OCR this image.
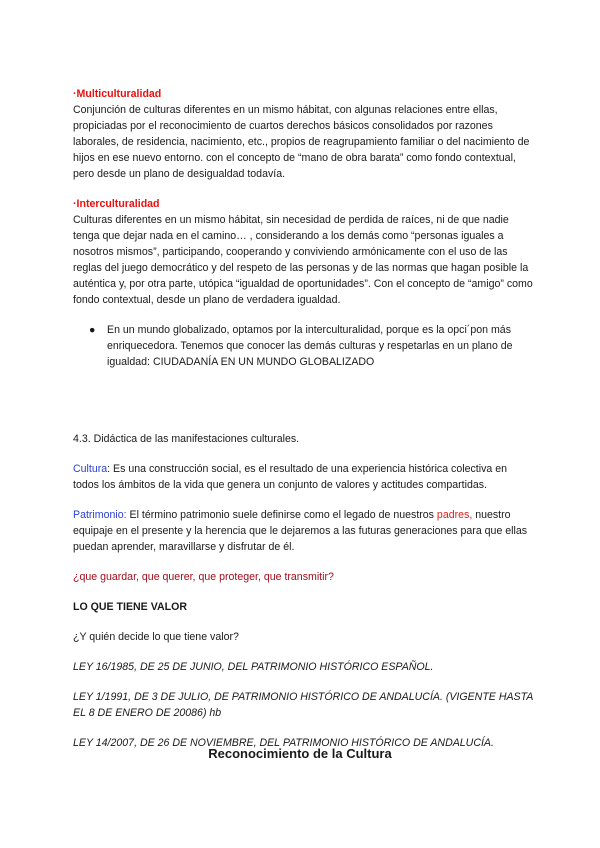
·Multiculturalidad

Conjunción de culturas diferentes en un mismo hábitat, con algunas relaciones entre ellas, propiciadas por el reconocimiento de cuartos derechos básicos consolidados por razones laborales, de residencia, nacimiento, etc., propios de reagrupamiento familiar o del nacimiento de hijos en ese nuevo entorno. con el concepto de “mano de obra barata” como fondo contextual, pero desde un plano de desigualdad todavía.

·Interculturalidad

Culturas diferentes en un mismo hábitat, sin necesidad de perdida de raíces, ni de que nadie tenga que dejar nada en el camino… , considerando a los demás como “personas iguales a nosotros mismos”, participando, cooperando y conviviendo armónicamente con el uso de las reglas del juego democrático y del respeto de las personas y de las normas que hagan posible la auténtica y, por otra parte, utópica “igualdad de oportunidades”. Con el concepto de “amigo” como fondo contextual, desde un plano de verdadera igualdad.

● En un mundo globalizado, optamos por la interculturalidad, porque es la opci´pon más enriquecedora. Tenemos que conocer las demás culturas y respetarlas en un plano de igualdad: CIUDADANÍA EN UN MUNDO GLOBALIZADO

4.3. Didáctica de las manifestaciones culturales.

Cultura: Es una construcción social, es el resultado de una experiencia histórica colectiva en todos los ámbitos de la vida que genera un conjunto de valores y actitudes compartidas.

Patrimonio: El término patrimonio suele definirse como el legado de nuestros padres, nuestro equipaje en el presente y la herencia que le dejaremos a las futuras generaciones para que ellas puedan aprender, maravillarse y disfrutar de él.

¿que guardar, que querer, que proteger, que transmitir?

LO QUE TIENE VALOR

¿Y quién decide lo que tiene valor?

LEY 16/1985, DE 25 DE JUNIO, DEL PATRIMONIO HISTÓRICO ESPAÑOL.

LEY 1/1991, DE 3 DE JULIO, DE PATRIMONIO HISTÓRICO DE ANDALUCÍA. (VIGENTE HASTA EL 8 DE ENERO DE 20086) hb

LEY 14/2007, DE 26 DE NOVIEMBRE, DEL PATRIMONIO HISTÓRICO DE ANDALUCÍA.

Reconocimiento de la Cultura
